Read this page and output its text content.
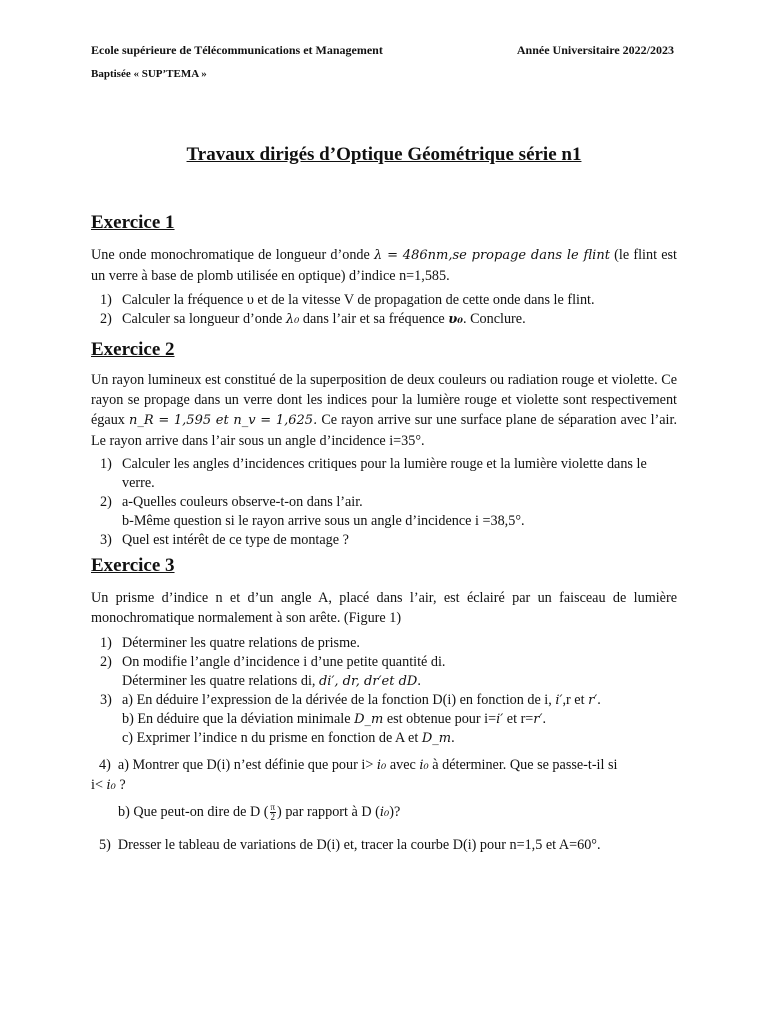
Ecole supérieure de Télécommunications et Management	Année Universitaire 2022/2023
Baptisée « SUP’TEMA »
Travaux dirigés d’Optique Géométrique série n1
Exercice 1
Une onde monochromatique de longueur d’onde λ = 486nm,se propage dans le flint (le flint est un verre à base de plomb utilisée en optique) d’indice n=1,585.
1) Calculer la fréquence υ et de la vitesse V de propagation de cette onde dans le flint.
2) Calculer sa longueur d’onde λ₀ dans l’air et sa fréquence υ₀. Conclure.
Exercice 2
Un rayon lumineux est constitué de la superposition de deux couleurs ou radiation rouge et violette. Ce rayon se propage dans un verre dont les indices pour la lumière rouge et violette sont respectivement égaux n_R = 1,595 et n_v = 1,625. Ce rayon arrive sur une surface plane de séparation avec l’air. Le rayon arrive dans l’air sous un angle d’incidence i=35°.
1) Calculer les angles d’incidences critiques pour la lumière rouge et la lumière violette dans le verre.
2) a-Quelles couleurs observe-t-on dans l’air.
b-Même question si le rayon arrive sous un angle d’incidence i =38,5°.
3) Quel est intérêt de ce type de montage ?
Exercice 3
Un prisme d’indice n et d’un angle A, placé dans l’air, est éclairé par un faisceau de lumière monochromatique normalement à son arête. (Figure 1)
1) Déterminer les quatre relations de prisme.
2) On modifie l’angle d’incidence i d’une petite quantité di.
Déterminer les quatre relations di, di′, dr, dr′et dD.
3) a) En déduire l’expression de la dérivée de la fonction D(i) en fonction de i, i′,r et r′.
b) En déduire que la déviation minimale D_m est obtenue pour i=i′ et r=r′.
c) Exprimer l’indice n du prisme en fonction de A et D_m.
4) a) Montrer que D(i) n’est définie que pour i> i₀ avec i₀ à déterminer. Que se passe-t-il si
i< i₀ ?
b) Que peut-on dire de D ( $\frac{\pi}{2}$ ) par rapport à D (i₀)?
5) Dresser le tableau de variations de D(i) et, tracer la courbe D(i) pour n=1,5 et A=60°.
